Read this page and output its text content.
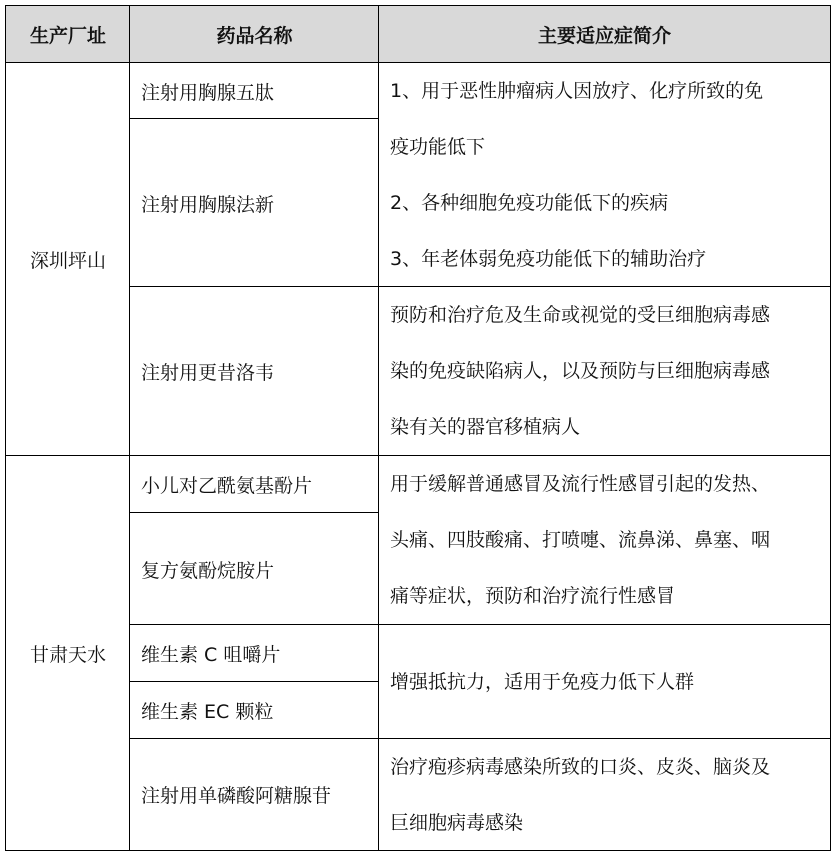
生产厂址	药品名称	主要适应症简介
深圳坪山
甘肃天水
注射用胸腺五肽
注射用胸腺法新
注射用更昔洛韦
小儿对乙酰氨基酚片
复方氨酚烷胺片
维生素 C 咀嚼片
维生素 EC 颗粒
注射用单磷酸阿糖腺苷
1、用于恶性肿瘤病人因放疗、化疗所致的免
疫功能低下
2、各种细胞免疫功能低下的疾病
3、年老体弱免疫功能低下的辅助治疗
预防和治疗危及生命或视觉的受巨细胞病毒感
染的免疫缺陷病人，以及预防与巨细胞病毒感
染有关的器官移植病人
用于缓解普通感冒及流行性感冒引起的发热、
头痛、四肢酸痛、打喷嚏、流鼻涕、鼻塞、咽
痛等症状，预防和治疗流行性感冒
增强抵抗力，适用于免疫力低下人群
治疗疱疹病毒感染所致的口炎、皮炎、脑炎及
巨细胞病毒感染
